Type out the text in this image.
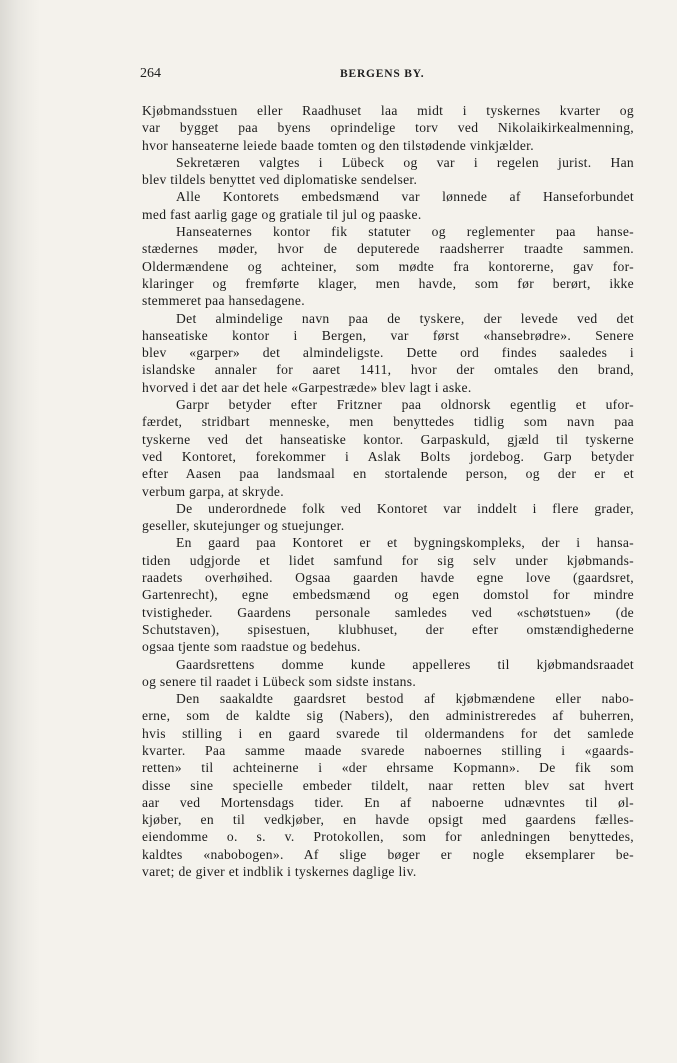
264	BERGENS BY.
Kjøbmandsstuen eller Raadhuset laa midt i tyskernes kvarter og
var bygget paa byens oprindelige torv ved Nikolaikirkealmenning,
hvor hanseaterne leiede baade tomten og den tilstødende vinkjælder.
Sekretæren valgtes i Lübeck og var i regelen jurist. Han
blev tildels benyttet ved diplomatiske sendelser.
Alle Kontorets embedsmænd var lønnede af Hanseforbundet
med fast aarlig gage og gratiale til jul og paaske.
Hanseaternes kontor fik statuter og reglementer paa hanse-
stædernes møder, hvor de deputerede raadsherrer traadte sammen.
Oldermændene og achteiner, som mødte fra kontorerne, gav for-
klaringer og fremførte klager, men havde, som før berørt, ikke
stemmeret paa hansedagene.
Det almindelige navn paa de tyskere, der levede ved det
hanseatiske kontor i Bergen, var først «hansebrødre». Senere
blev «garper» det almindeligste. Dette ord findes saaledes i
islandske annaler for aaret 1411, hvor der omtales den brand,
hvorved i det aar det hele «Garpestræde» blev lagt i aske.
Garpr betyder efter Fritzner paa oldnorsk egentlig et ufor-
færdet, stridbart menneske, men benyttedes tidlig som navn paa
tyskerne ved det hanseatiske kontor. Garpaskuld, gjæld til tyskerne
ved Kontoret, forekommer i Aslak Bolts jordebog. Garp betyder
efter Aasen paa landsmaal en stortalende person, og der er et
verbum garpa, at skryde.
De underordnede folk ved Kontoret var inddelt i flere grader,
geseller, skutejunger og stuejunger.
En gaard paa Kontoret er et bygningskompleks, der i hansa-
tiden udgjorde et lidet samfund for sig selv under kjøbmands-
raadets overhøihed. Ogsaa gaarden havde egne love (gaardsret,
Gartenrecht), egne embedsmænd og egen domstol for mindre
tvistigheder. Gaardens personale samledes ved «schøtstuen» (de
Schutstaven), spisestuen, klubhuset, der efter omstændighederne
ogsaa tjente som raadstue og bedehus.
Gaardsrettens domme kunde appelleres til kjøbmandsraadet
og senere til raadet i Lübeck som sidste instans.
Den saakaldte gaardsret bestod af kjøbmændene eller nabo-
erne, som de kaldte sig (Nabers), den administreredes af buherren,
hvis stilling i en gaard svarede til oldermandens for det samlede
kvarter. Paa samme maade svarede naboernes stilling i «gaards-
retten» til achteinerne i «der ehrsame Kopmann». De fik som
disse sine specielle embeder tildelt, naar retten blev sat hvert
aar ved Mortensdags tider. En af naboerne udnævntes til øl-
kjøber, en til vedkjøber, en havde opsigt med gaardens fælles-
eiendomme o. s. v. Protokollen, som for anledningen benyttedes,
kaldtes «nabobogen». Af slige bøger er nogle eksemplarer be-
varet; de giver et indblik i tyskernes daglige liv.
